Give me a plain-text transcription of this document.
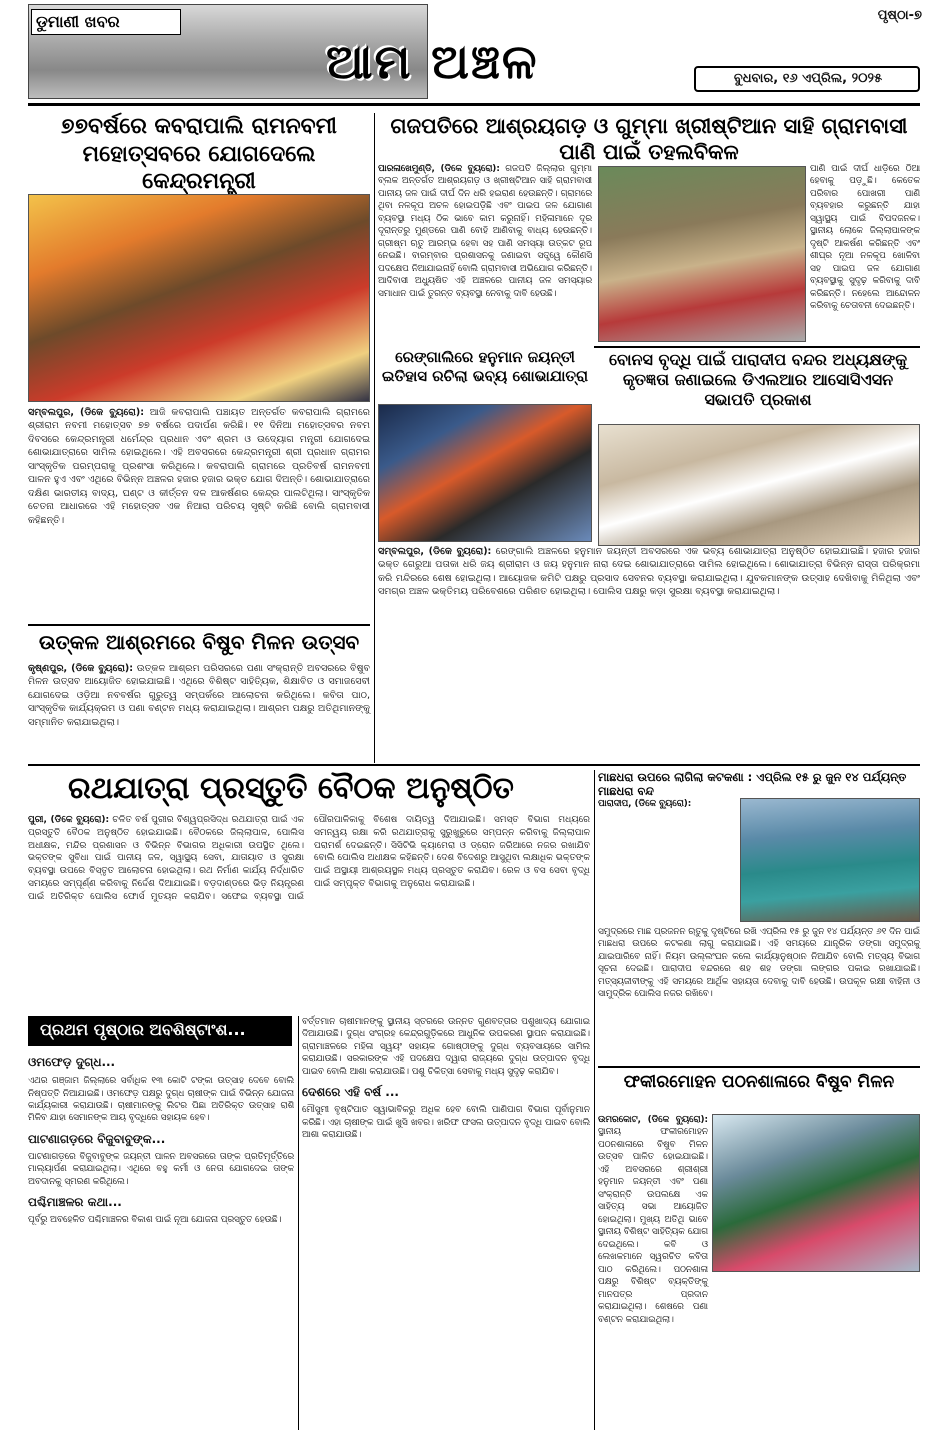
ଡୁମାଣୀ ଖବର
ଆମ ଅଞ୍ଚଳ
ପୃଷ୍ଠା-୭
ବୁଧବାର, ୧୬ ଏପ୍ରିଲ, ୨୦୨୫
୭୭ବର୍ଷରେ କବରାପାଲି ରାମନବମୀ ମହୋତ୍ସବରେ ଯୋଗଦେଲେ କେନ୍ଦ୍ରମନ୍ତ୍ରୀ
ସମ୍ବଲପୁର, (ଡିକେ ବ୍ୟୁରୋ): ଆଜି କବରାପାଲି ପଞ୍ଚାୟତ ଅନ୍ତର୍ଗତ କବରାପାଲି ଗ୍ରାମରେ ଶ୍ରୀରାମ ନବମୀ ମହୋତ୍ସବ ୭୭ ବର୍ଷରେ ପଦାର୍ପଣ କରିଛି। ୧୧ ଦିନିଆ ମହୋତ୍ସବର ନବମ ଦିବସରେ କେନ୍ଦ୍ରମନ୍ତ୍ରୀ ଧର୍ମେନ୍ଦ୍ର ପ୍ରଧାନ ଏବଂ ଶ୍ରମ ଓ ଉଦ୍ୟୋଗ ମନ୍ତ୍ରୀ ଯୋଗଦେଇ ଶୋଭାଯାତ୍ରାରେ ସାମିଲ ହୋଇଥିଲେ। ଏହି ଅବସରରେ କେନ୍ଦ୍ରମନ୍ତ୍ରୀ ଶ୍ରୀ ପ୍ରଧାନ ଗ୍ରାମର ସାଂସ୍କୃତିକ ପରମ୍ପରାକୁ ପ୍ରଶଂସା କରିଥିଲେ। କବରାପାଲି ଗ୍ରାମରେ ପ୍ରତିବର୍ଷ ରାମନବମୀ ପାଳନ ହୁଏ ଏବଂ ଏଥିରେ ବିଭିନ୍ନ ଅଞ୍ଚଳର ହଜାର ହଜାର ଭକ୍ତ ଯୋଗ ଦିଅନ୍ତି। ଶୋଭାଯାତ୍ରାରେ ଦକ୍ଷିଣ ଭାରତୀୟ ବାଦ୍ୟ, ଘଣ୍ଟ ଓ କୀର୍ତ୍ତନ ଦଳ ଆକର୍ଷଣର କେନ୍ଦ୍ର ପାଲଟିଥିଲା। ସାଂସ୍କୃତିକ ଚେତନା ଆଧାରରେ ଏହି ମହୋତ୍ସବ ଏକ ନିଆରା ପରିଚୟ ସୃଷ୍ଟି କରିଛି ବୋଲି ଗ୍ରାମବାସୀ କହିଛନ୍ତି।
ଉତ୍କଳ ଆଶ୍ରମରେ ବିଷୁବ ମିଳନ ଉତ୍ସବ
କୃଷ୍ଣପୁର, (ଡିକେ ବ୍ୟୁରୋ): ଉତ୍କଳ ଆଶ୍ରମ ପରିସରରେ ପଣା ସଂକ୍ରାନ୍ତି ଅବସରରେ ବିଷୁବ ମିଳନ ଉତ୍ସବ ଆୟୋଜିତ ହୋଇଯାଇଛି। ଏଥିରେ ବିଶିଷ୍ଟ ସାହିତ୍ୟିକ, ଶିକ୍ଷାବିତ ଓ ସମାଜସେବୀ ଯୋଗଦେଇ ଓଡ଼ିଆ ନବବର୍ଷର ଗୁରୁତ୍ୱ ସମ୍ପର୍କରେ ଆଲୋଚନା କରିଥିଲେ। କବିତା ପାଠ, ସାଂସ୍କୃତିକ କାର୍ଯ୍ୟକ୍ରମ ଓ ପଣା ବଣ୍ଟନ ମଧ୍ୟ କରାଯାଇଥିଲା। ଆଶ୍ରମ ପକ୍ଷରୁ ଅତିଥିମାନଙ୍କୁ ସମ୍ମାନିତ କରାଯାଇଥିଲା।
ଗଜପତିରେ ଆଶ୍ରୟଗଡ଼ ଓ ଗୁମ୍ମା ଖ୍ରୀଷ୍ଟିଆନ ସାହି ଗ୍ରାମବାସୀ ପାଣି ପାଇଁ ତହଲବିକଳ
ପାରଳାଖେମୁଣ୍ଡି, (ଡିକେ ବ୍ୟୁରୋ): ଗଜପତି ଜିଲ୍ଲାର ଗୁମ୍ମା ବ୍ଲକ ଅନ୍ତର୍ଗତ ଆଶ୍ରୟଗଡ଼ ଓ ଖ୍ରୀଷ୍ଟିଆନ ସାହି ଗ୍ରାମବାସୀ ପାନୀୟ ଜଳ ପାଇଁ ଦୀର୍ଘ ଦିନ ଧରି ହଇରାଣ ହେଉଛନ୍ତି। ଗ୍ରାମରେ ଥିବା ନଳକୂପ ଅଚଳ ହୋଇପଡ଼ିଛି ଏବଂ ପାଇପ ଜଳ ଯୋଗାଣ ବ୍ୟବସ୍ଥା ମଧ୍ୟ ଠିକ ଭାବେ କାମ କରୁନାହିଁ। ମହିଳାମାନେ ଦୂର ଦୂରାନ୍ତରୁ ମୁଣ୍ଡରେ ପାଣି ବୋହି ଆଣିବାକୁ ବାଧ୍ୟ ହେଉଛନ୍ତି। ଗ୍ରୀଷ୍ମ ଋତୁ ଆରମ୍ଭ ହେବା ସହ ପାଣି ସମସ୍ୟା ଉତ୍କଟ ରୂପ ନେଇଛି। ବାରମ୍ବାର ପ୍ରଶାସନକୁ ଜଣାଇବା ସତ୍ତ୍ୱେ କୌଣସି ପଦକ୍ଷେପ ନିଆଯାଇନାହିଁ ବୋଲି ଗ୍ରାମବାସୀ ଅଭିଯୋଗ କରିଛନ୍ତି। ଆଦିବାସୀ ଅଧ୍ୟୁଷିତ ଏହି ଅଞ୍ଚଳରେ ପାନୀୟ ଜଳ ସମସ୍ୟାର ସମାଧାନ ପାଇଁ ତୁରନ୍ତ ବ୍ୟବସ୍ଥା ନେବାକୁ ଦାବି ହେଉଛି।
ପାଣି ପାଇଁ ଦୀର୍ଘ ଧାଡ଼ିରେ ଠିଆ ହେବାକୁ ପଡ଼ୁଛି। କେତେକ ପରିବାର ପୋଖରୀ ପାଣି ବ୍ୟବହାର କରୁଛନ୍ତି ଯାହା ସ୍ୱାସ୍ଥ୍ୟ ପାଇଁ ବିପଦଜନକ। ସ୍ଥାନୀୟ ଲୋକେ ଜିଲ୍ଲାପାଳଙ୍କ ଦୃଷ୍ଟି ଆକର୍ଷଣ କରିଛନ୍ତି ଏବଂ ଶୀଘ୍ର ନୂଆ ନଳକୂପ ଖୋଳିବା ସହ ପାଇପ ଜଳ ଯୋଗାଣ ବ୍ୟବସ୍ଥାକୁ ସୁଦୃଢ଼ କରିବାକୁ ଦାବି କରିଛନ୍ତି। ନହେଲେ ଆନ୍ଦୋଳନ କରିବାକୁ ଚେତାବନୀ ଦେଇଛନ୍ତି।
ରେଙ୍ଗାଲିରେ ହନୁମାନ ଜୟନ୍ତୀ ଇତିହାସ ରଚିଲା ଭବ୍ୟ ଶୋଭାଯାତ୍ରା
ସମ୍ବଲପୁର, (ଡିକେ ବ୍ୟୁରୋ): ରେଙ୍ଗାଲି ଅଞ୍ଚଳରେ ହନୁମାନ ଜୟନ୍ତୀ ଅବସରରେ ଏକ ଭବ୍ୟ ଶୋଭାଯାତ୍ରା ଅନୁଷ୍ଠିତ ହୋଇଯାଇଛି। ହଜାର ହଜାର ଭକ୍ତ ଗେରୁଆ ପତାକା ଧରି ଜୟ ଶ୍ରୀରାମ ଓ ଜୟ ହନୁମାନ ନାରା ଦେଇ ଶୋଭାଯାତ୍ରାରେ ସାମିଲ ହୋଇଥିଲେ। ଶୋଭାଯାତ୍ରା ବିଭିନ୍ନ ରାସ୍ତା ପରିକ୍ରମା କରି ମନ୍ଦିରରେ ଶେଷ ହୋଇଥିଲା। ଆୟୋଜକ କମିଟି ପକ୍ଷରୁ ପ୍ରସାଦ ସେବନର ବ୍ୟବସ୍ଥା କରାଯାଇଥିଲା। ଯୁବକମାନଙ୍କ ଉତ୍ସାହ ଦେଖିବାକୁ ମିଳିଥିଲା ଏବଂ ସମଗ୍ର ଅଞ୍ଚଳ ଭକ୍ତିମୟ ପରିବେଶରେ ପରିଣତ ହୋଇଥିଲା। ପୋଲିସ ପକ୍ଷରୁ କଡ଼ା ସୁରକ୍ଷା ବ୍ୟବସ୍ଥା କରାଯାଇଥିଲା।
ବୋନସ ବୃଦ୍ଧି ପାଇଁ ପାରାଦୀପ ବନ୍ଦର ଅଧ୍ୟକ୍ଷଙ୍କୁ କୃତଜ୍ଞତା ଜଣାଇଲେ ଡିଏଲଆର ଆସୋସିଏସନ ସଭାପତି ପ୍ରକାଶ
ରଥଯାତ୍ରା ପ୍ରସ୍ତୁତି ବୈଠକ ଅନୁଷ୍ଠିତ
ପୁରୀ, (ଡିକେ ବ୍ୟୁରୋ): ଚଳିତ ବର୍ଷ ପୁରୀର ବିଶ୍ୱପ୍ରସିଦ୍ଧ ରଥଯାତ୍ରା ପାଇଁ ଏକ ପ୍ରସ୍ତୁତି ବୈଠକ ଅନୁଷ୍ଠିତ ହୋଇଯାଇଛି। ବୈଠକରେ ଜିଲ୍ଲାପାଳ, ପୋଲିସ ଅଧୀକ୍ଷକ, ମନ୍ଦିର ପ୍ରଶାସନ ଓ ବିଭିନ୍ନ ବିଭାଗର ଅଧିକାରୀ ଉପସ୍ଥିତ ଥିଲେ। ଭକ୍ତଙ୍କ ସୁବିଧା ପାଇଁ ପାନୀୟ ଜଳ, ସ୍ୱାସ୍ଥ୍ୟ ସେବା, ଯାତାୟାତ ଓ ସୁରକ୍ଷା ବ୍ୟବସ୍ଥା ଉପରେ ବିସ୍ତୃତ ଆଲୋଚନା ହୋଇଥିଲା। ରଥ ନିର୍ମାଣ କାର୍ଯ୍ୟ ନିର୍ଦ୍ଧାରିତ ସମୟରେ ସମ୍ପୂର୍ଣ୍ଣ କରିବାକୁ ନିର୍ଦ୍ଦେଶ ଦିଆଯାଇଛି। ବଡ଼ଦାଣ୍ଡରେ ଭିଡ଼ ନିୟନ୍ତ୍ରଣ ପାଇଁ ଅତିରିକ୍ତ ପୋଲିସ ଫୋର୍ସ ମୁତୟନ କରାଯିବ। ସଫେଇ ବ୍ୟବସ୍ଥା ପାଇଁ ପୌରପାଳିକାକୁ ବିଶେଷ ଦାୟିତ୍ୱ ଦିଆଯାଇଛି। ସମସ୍ତ ବିଭାଗ ମଧ୍ୟରେ ସମନ୍ୱୟ ରକ୍ଷା କରି ରଥଯାତ୍ରାକୁ ସୁରୁଖୁରୁରେ ସମ୍ପନ୍ନ କରିବାକୁ ଜିଲ୍ଲାପାଳ ପରାମର୍ଶ ଦେଇଛନ୍ତି। ସିସିଟିଭି କ୍ୟାମେରା ଓ ଡ୍ରୋନ ଜରିଆରେ ନଜର ରଖାଯିବ ବୋଲି ପୋଲିସ ଅଧୀକ୍ଷକ କହିଛନ୍ତି। ଦେଶ ବିଦେଶରୁ ଆସୁଥିବା ଲକ୍ଷାଧିକ ଭକ୍ତଙ୍କ ପାଇଁ ଅସ୍ଥାୟୀ ଆଶ୍ରୟସ୍ଥଳ ମଧ୍ୟ ପ୍ରସ୍ତୁତ କରାଯିବ। ରେଳ ଓ ବସ ସେବା ବୃଦ୍ଧି ପାଇଁ ସମ୍ପୃକ୍ତ ବିଭାଗକୁ ଅନୁରୋଧ କରାଯାଇଛି।
ମାଛଧରା ଉପରେ ଲାଗିଲା କଟକଣା : ଏପ୍ରିଲ ୧୫ ରୁ ଜୁନ ୧୪ ପର୍ଯ୍ୟନ୍ତ ମାଛଧରା ବନ୍ଦ
ପାରାଦୀପ, (ଡିକେ ବ୍ୟୁରୋ):
ସମୁଦ୍ରରେ ମାଛ ପ୍ରଜନନ ଋତୁକୁ ଦୃଷ୍ଟିରେ ରଖି ଏପ୍ରିଲ ୧୫ ରୁ ଜୁନ ୧୪ ପର୍ଯ୍ୟନ୍ତ ୬୧ ଦିନ ପାଇଁ ମାଛଧରା ଉପରେ କଟକଣା ଲାଗୁ କରାଯାଇଛି। ଏହି ସମୟରେ ଯାନ୍ତ୍ରିକ ଡଙ୍ଗା ସମୁଦ୍ରକୁ ଯାଇପାରିବେ ନାହିଁ। ନିୟମ ଉଲ୍ଲଂଘନ କଲେ କାର୍ଯ୍ୟାନୁଷ୍ଠାନ ନିଆଯିବ ବୋଲି ମତ୍ସ୍ୟ ବିଭାଗ ସୂଚନା ଦେଇଛି। ପାରାଦୀପ ବନ୍ଦରରେ ଶହ ଶହ ଡଙ୍ଗା ଲଙ୍ଗର ପକାଇ ରଖାଯାଇଛି। ମତ୍ସ୍ୟଜୀବୀଙ୍କୁ ଏହି ସମୟରେ ଆର୍ଥିକ ସହାୟତା ଦେବାକୁ ଦାବି ହେଉଛି। ଉପକୂଳ ରକ୍ଷୀ ବାହିନୀ ଓ ସାମୁଦ୍ରିକ ପୋଲିସ ନଜର ରଖିବେ।
ପ୍ରଥମ ପୃଷ୍ଠାର ଅବଶିଷ୍ଟାଂଶ...
ଓମଫେଡ଼ ଦୁଗ୍ଧ...
ଏଥର ଗଞ୍ଜାମ ଜିଲ୍ଲାରେ ସର୍ବାଧିକ ୧୩ କୋଟି ଟଙ୍କା ଉତ୍ସାହ ଦେବେ ବୋଲି ନିଷ୍ପତ୍ତି ନିଆଯାଇଛି। ଓମଫେଡ଼ ପକ୍ଷରୁ ଦୁଗ୍ଧ ଚାଷୀଙ୍କ ପାଇଁ ବିଭିନ୍ନ ଯୋଜନା କାର୍ଯ୍ୟକାରୀ କରାଯାଉଛି। ଚାଷୀମାନଙ୍କୁ ଲିଟର ପିଛା ଅତିରିକ୍ତ ଉତ୍ସାହ ରାଶି ମିଳିବ ଯାହା ସେମାନଙ୍କ ଆୟ ବୃଦ୍ଧିରେ ସହାୟକ ହେବ।
ପାଟଣାଗଡ଼ରେ ବିଜୁବାବୁଙ୍କ...
ପାଟଣାଗଡ଼ରେ ବିଜୁବାବୁଙ୍କ ଜୟନ୍ତୀ ପାଳନ ଅବସରରେ ତାଙ୍କ ପ୍ରତିମୂର୍ତ୍ତିରେ ମାଲ୍ୟାର୍ପଣ କରାଯାଇଥିଲା। ଏଥିରେ ବହୁ କର୍ମୀ ଓ ନେତା ଯୋଗଦେଇ ତାଙ୍କ ଅବଦାନକୁ ସ୍ମରଣ କରିଥିଲେ।
ପଶ୍ଚିମାଞ୍ଚଳର କଥା...
ପୂର୍ବରୁ ଅବହେଳିତ ପଶ୍ଚିମାଞ୍ଚଳର ବିକାଶ ପାଇଁ ନୂଆ ଯୋଜନା ପ୍ରସ୍ତୁତ ହେଉଛି।
ବର୍ତ୍ତମାନ ଚାଷୀମାନଙ୍କୁ ସ୍ଥାନୀୟ ସ୍ତରରେ ଉନ୍ନତ ଗୁଣବତ୍ତାର ପଶୁଖାଦ୍ୟ ଯୋଗାଇ ଦିଆଯାଉଛି। ଦୁଗ୍ଧ ସଂଗ୍ରହ କେନ୍ଦ୍ରଗୁଡ଼ିକରେ ଆଧୁନିକ ଉପକରଣ ସ୍ଥାପନ କରାଯାଇଛି। ଗ୍ରାମାଞ୍ଚଳରେ ମହିଳା ସ୍ୱୟଂ ସହାୟକ ଗୋଷ୍ଠୀଙ୍କୁ ଦୁଗ୍ଧ ବ୍ୟବସାୟରେ ସାମିଲ କରାଯାଉଛି। ସରକାରଙ୍କ ଏହି ପଦକ୍ଷେପ ଦ୍ୱାରା ରାଜ୍ୟରେ ଦୁଗ୍ଧ ଉତ୍ପାଦନ ବୃଦ୍ଧି ପାଇବ ବୋଲି ଆଶା କରାଯାଉଛି। ପଶୁ ଚିକିତ୍ସା ସେବାକୁ ମଧ୍ୟ ସୁଦୃଢ଼ କରାଯିବ।
ଦେଶରେ ଏହି ବର୍ଷ ...
ମୌସୁମୀ ବୃଷ୍ଟିପାତ ସ୍ୱାଭାବିକରୁ ଅଧିକ ହେବ ବୋଲି ପାଣିପାଗ ବିଭାଗ ପୂର୍ବାନୁମାନ କରିଛି। ଏହା ଚାଷୀଙ୍କ ପାଇଁ ଖୁସି ଖବର। ଖରିଫ ଫସଲ ଉତ୍ପାଦନ ବୃଦ୍ଧି ପାଇବ ବୋଲି ଆଶା କରାଯାଉଛି।
ଫକୀରମୋହନ ପଠନଶାଳାରେ ବିଷୁବ ମିଳନ
ଉମରକୋଟ, (ଡିକେ ବ୍ୟୁରୋ): ସ୍ଥାନୀୟ ଫକୀରମୋହନ ପଠନଶାଳାରେ ବିଷୁବ ମିଳନ ଉତ୍ସବ ପାଳିତ ହୋଇଯାଇଛି। ଏହି ଅବସରରେ ଶ୍ରୀଶ୍ରୀ ହନୁମାନ ଜୟନ୍ତୀ ଏବଂ ପଣା ସଂକ୍ରାନ୍ତି ଉପଲକ୍ଷେ ଏକ ସାହିତ୍ୟ ସଭା ଆୟୋଜିତ ହୋଇଥିଲା। ମୁଖ୍ୟ ଅତିଥି ଭାବେ ସ୍ଥାନୀୟ ବିଶିଷ୍ଟ ସାହିତ୍ୟିକ ଯୋଗ ଦେଇଥିଲେ। କବି ଓ ଲେଖକମାନେ ସ୍ୱରଚିତ କବିତା ପାଠ କରିଥିଲେ। ପଠନଶାଳା ପକ୍ଷରୁ ବିଶିଷ୍ଟ ବ୍ୟକ୍ତିଙ୍କୁ ମାନପତ୍ର ପ୍ରଦାନ କରାଯାଇଥିଲା। ଶେଷରେ ପଣା ବଣ୍ଟନ କରାଯାଇଥିଲା।
